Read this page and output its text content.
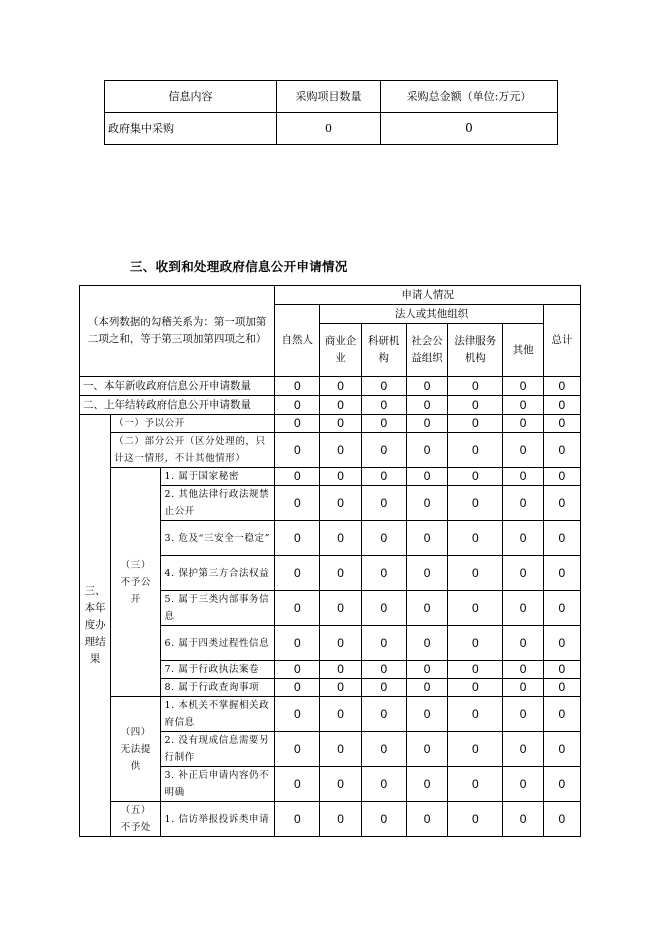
信息内容	采购项目数量	采购总金额（单位:万元）
政府集中采购	0	0
三、收到和处理政府信息公开申请情况
（本列数据的勾稽关系为：第一项加第二项之和，等于第三项加第四项之和）			申请人情况						
			自然人	法人或其他组织					总计
				商业企业	科研机构	社会公益组织	法律服务机构	其他	
一、本年新收政府信息公开申请数量			0	0	0	0	0	0	0
二、上年结转政府信息公开申请数量			0	0	0	0	0	0	0

三、本年度办理结果	（一）予以公开		0	0	0	0	0	0	0
	（二）部分公开（区分处理的，只计这一情形，不计其他情形）		0	0	0	0	0	0	0

	（三）不予公开	1. 属于国家秘密	0	0	0	0	0	0	0
		2. 其他法律行政法规禁止公开	0	0	0	0	0	0	0
		3. 危及“三安全一稳定”	0	0	0	0	0	0	0
		4. 保护第三方合法权益	0	0	0	0	0	0	0
		5. 属于三类内部事务信息	0	0	0	0	0	0	0
		6. 属于四类过程性信息	0	0	0	0	0	0	0
		7. 属于行政执法案卷	0	0	0	0	0	0	0
		8. 属于行政查询事项	0	0	0	0	0	0	0

	（四）无法提供	1. 本机关不掌握相关政府信息	0	0	0	0	0	0	0
		2. 没有现成信息需要另行制作	0	0	0	0	0	0	0
		3. 补正后申请内容仍不明确	0	0	0	0	0	0	0

	（五）不予处	1. 信访举报投诉类申请	0	0	0	0	0	0	0
